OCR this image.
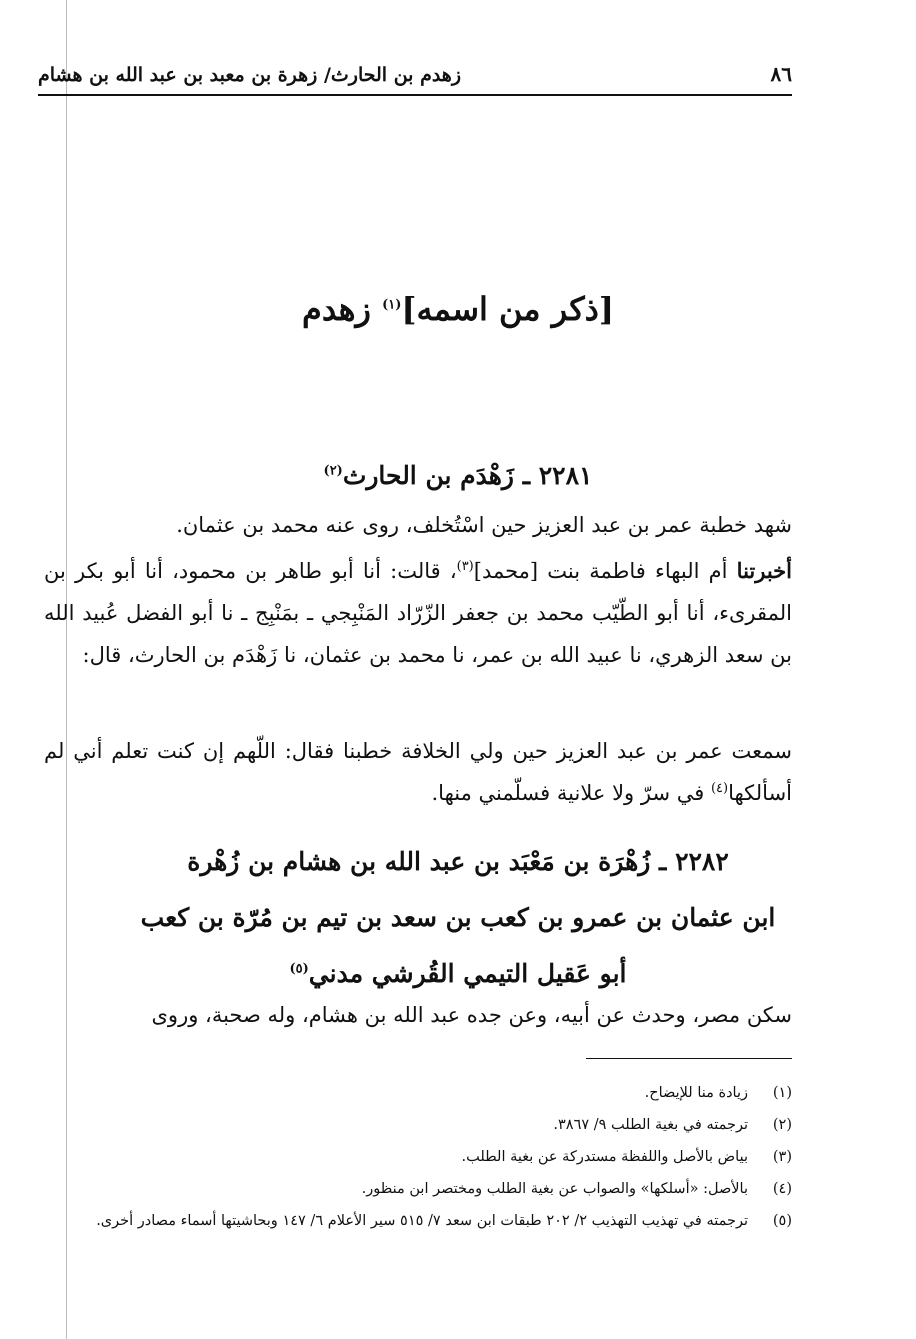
٨٦
زهدم بن الحارث/ زهرة بن معبد بن عبد الله بن هشام
[ذكر من اسمه]$^{(١)}$ زهدم
٢٢٨١ ـ زَهْدَم بن الحارث$^{(٢)}$
شهد خطبة عمر بن عبد العزيز حين اسْتُخلف، روى عنه محمد بن عثمان.
أخبرتنا أم البهاء فاطمة بنت [محمد]$^{(٣)}$، قالت: أنا أبو طاهر بن محمود، أنا أبو بكر بن المقرىء، أنا أبو الطّيّب محمد بن جعفر الزّرّاد المَنْبِجي ـ بمَنْبِج ـ نا أبو الفضل عُبيد الله بن سعد الزهري، نا عبيد الله بن عمر، نا محمد بن عثمان، نا زَهْدَم بن الحارث، قال:
سمعت عمر بن عبد العزيز حين ولي الخلافة خطبنا فقال: اللّهم إن كنت تعلم أني لم أسألكها$^{(٤)}$ في سرّ ولا علانية فسلّمني منها.
٢٢٨٢ ـ زُهْرَة بن مَعْبَد بن عبد الله بن هشام بن زُهْرة
ابن عثمان بن عمرو بن كعب بن سعد بن تيم بن مُرّة بن كعب
أبو عَقيل التيمي القُرشي مدني$^{(٥)}$
سكن مصر، وحدث عن أبيه، وعن جده عبد الله بن هشام، وله صحبة، وروى
(١)
زيادة منا للإيضاح.
(٢)
ترجمته في بغية الطلب ٩/ ٣٨٦٧.
(٣)
بياض بالأصل واللفظة مستدركة عن بغية الطلب.
(٤)
بالأصل: «أسلكها» والصواب عن بغية الطلب ومختصر ابن منظور.
(٥)
ترجمته في تهذيب التهذيب ٢/ ٢٠٢ طبقات ابن سعد ٧/ ٥١٥ سير الأعلام ٦/ ١٤٧ وبحاشيتها أسماء مصادر أخرى.
